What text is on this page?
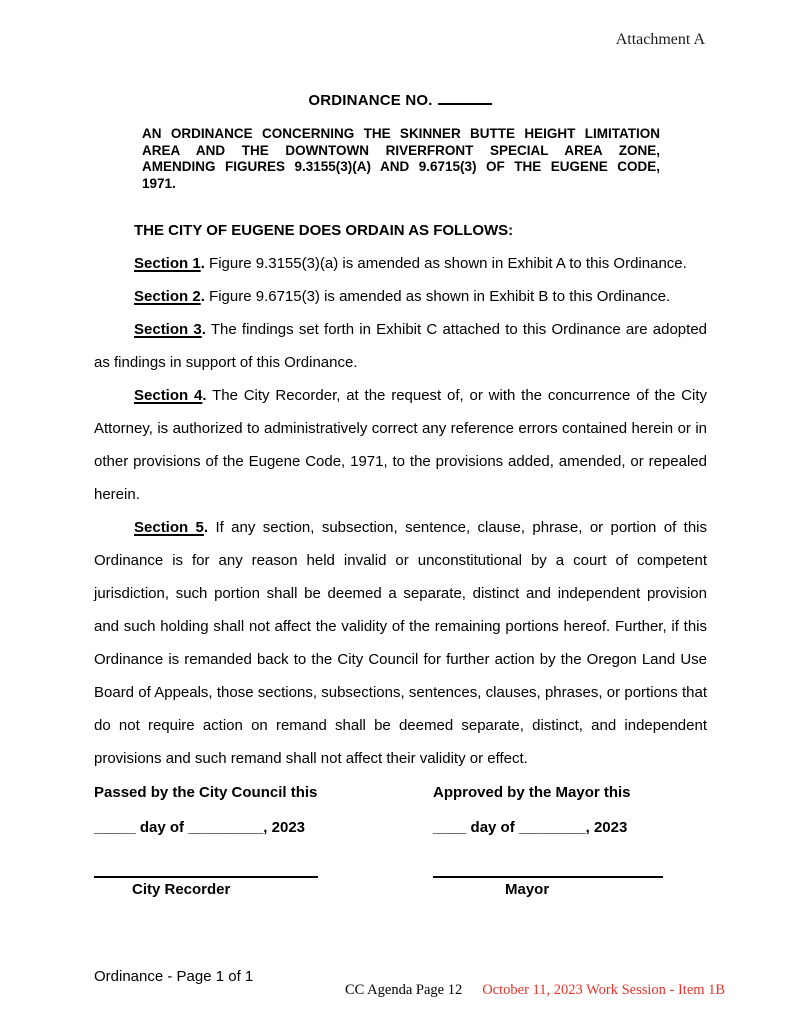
Attachment A
ORDINANCE NO.
AN ORDINANCE CONCERNING THE SKINNER BUTTE HEIGHT LIMITATION
AREA AND THE DOWNTOWN RIVERFRONT SPECIAL AREA ZONE,
AMENDING FIGURES 9.3155(3)(A) AND 9.6715(3) OF THE EUGENE CODE,
1971.

THE CITY OF EUGENE DOES ORDAIN AS FOLLOWS:

Section 1. Figure 9.3155(3)(a) is amended as shown in Exhibit A to this Ordinance.

Section 2. Figure 9.6715(3) is amended as shown in Exhibit B to this Ordinance.

Section 3. The findings set forth in Exhibit C attached to this Ordinance are adopted as findings in support of this Ordinance.

Section 4. The City Recorder, at the request of, or with the concurrence of the City Attorney, is authorized to administratively correct any reference errors contained herein or in other provisions of the Eugene Code, 1971, to the provisions added, amended, or repealed herein.

Section 5. If any section, subsection, sentence, clause, phrase, or portion of this Ordinance is for any reason held invalid or unconstitutional by a court of competent jurisdiction, such portion shall be deemed a separate, distinct and independent provision and such holding shall not affect the validity of the remaining portions hereof. Further, if this Ordinance is remanded back to the City Council for further action by the Oregon Land Use Board of Appeals, those sections, subsections, sentences, clauses, phrases, or portions that do not require action on remand shall be deemed separate, distinct, and independent provisions and such remand shall not affect their validity or effect.

Passed by the City Council this
_____ day of _________, 2023
City Recorder
Approved by the Mayor this
____ day of ________, 2023
Mayor
Ordinance - Page 1 of 1
CC Agenda Page 12 October 11, 2023 Work Session - Item 1B
